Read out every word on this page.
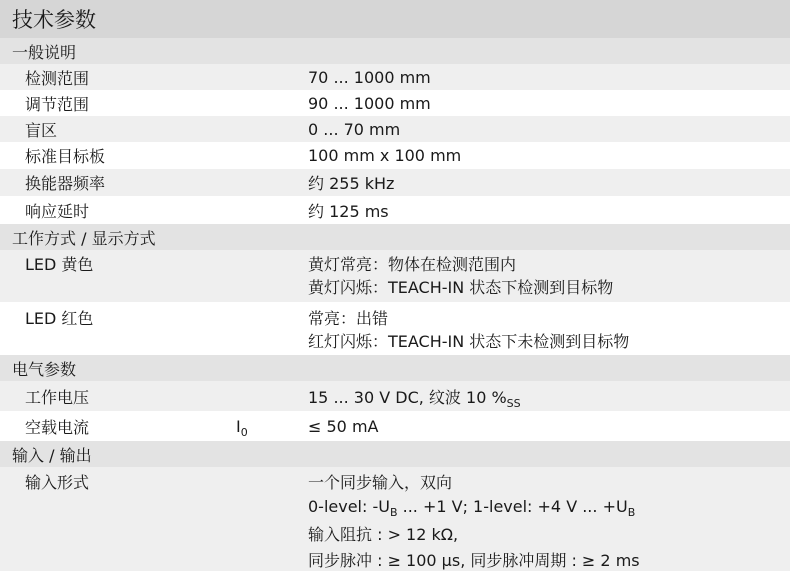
技术参数
一般说明
检测范围	70 ... 1000 mm
调节范围	90 ... 1000 mm
盲区	0 ... 70 mm
标准目标板	100 mm x 100 mm
换能器频率	约 255 kHz
响应延时	约 125 ms
工作方式 / 显示方式
LED 黄色	黄灯常亮：物体在检测范围内
黄灯闪烁：TEACH-IN 状态下检测到目标物
LED 红色	常亮：出错
红灯闪烁：TEACH-IN 状态下未检测到目标物
电气参数
工作电压	15 ... 30 V DC, 纹波 10 $\%_{SS}$
空载电流	$I_0$	≤ 50 mA
输入 / 输出
输入形式	一个同步输入，双向
0-level: $-U_B$ ... +1 V; 1-level: +4 V ... $+U_B$
输入阻抗 : > 12 kΩ,
同步脉冲 : ≥ 100 µs, 同步脉冲周期 : ≥ 2 ms
